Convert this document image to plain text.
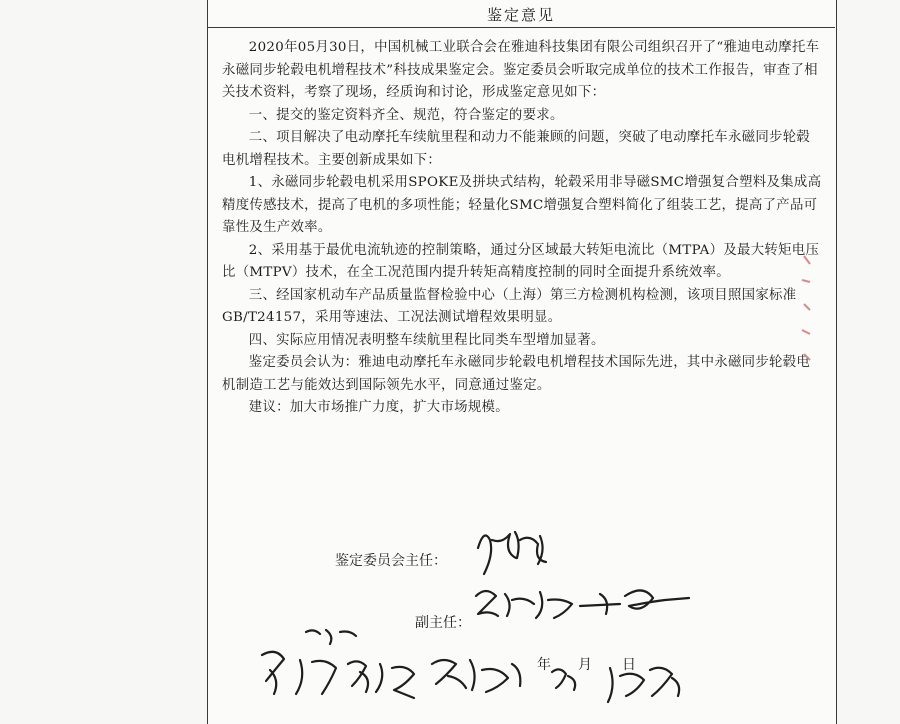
鉴定意见

2020年05月30日，中国机械工业联合会在雅迪科技集团有限公司组织召开了“雅迪电动摩托车永磁同步轮毂电机增程技术”科技成果鉴定会。鉴定委员会听取完成单位的技术工作报告，审查了相关技术资料，考察了现场，经质询和讨论，形成鉴定意见如下：

一、提交的鉴定资料齐全、规范，符合鉴定的要求。

二、项目解决了电动摩托车续航里程和动力不能兼顾的问题，突破了电动摩托车永磁同步轮毂电机增程技术。主要创新成果如下：

1、永磁同步轮毂电机采用SPOKE及拼块式结构，轮毂采用非导磁SMC增强复合塑料及集成高精度传感技术，提高了电机的多项性能；轻量化SMC增强复合塑料简化了组装工艺，提高了产品可靠性及生产效率。

2、采用基于最优电流轨迹的控制策略，通过分区域最大转矩电流比（MTPA）及最大转矩电压比（MTPV）技术，在全工况范围内提升转矩高精度控制的同时全面提升系统效率。

三、经国家机动车产品质量监督检验中心（上海）第三方检测机构检测，该项目照国家标准GB/T24157，采用等速法、工况法测试增程效果明显。

四、实际应用情况表明整车续航里程比同类车型增加显著。

鉴定委员会认为：雅迪电动摩托车永磁同步轮毂电机增程技术国际先进，其中永磁同步轮毂电机制造工艺与能效达到国际领先水平，同意通过鉴定。

建议：加大市场推广力度，扩大市场规模。

鉴定委员会主任：
副主任：
年 月 日
